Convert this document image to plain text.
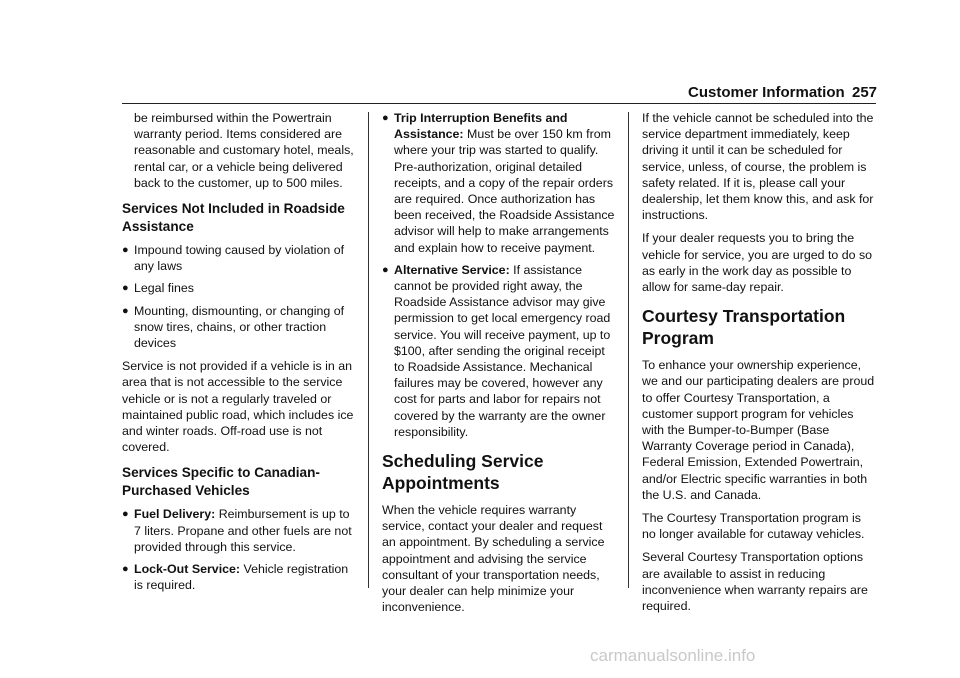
Customer Information 257

be reimbursed within the Powertrain warranty period. Items considered are reasonable and customary hotel, meals, rental car, or a vehicle being delivered back to the customer, up to 500 miles.

Services Not Included in Roadside Assistance
● Impound towing caused by violation of any laws
● Legal fines
● Mounting, dismounting, or changing of snow tires, chains, or other traction devices

Service is not provided if a vehicle is in an area that is not accessible to the service vehicle or is not a regularly traveled or maintained public road, which includes ice and winter roads. Off-road use is not covered.

Services Specific to Canadian-Purchased Vehicles
● Fuel Delivery: Reimbursement is up to 7 liters. Propane and other fuels are not provided through this service.
● Lock-Out Service: Vehicle registration is required.
● Trip Interruption Benefits and Assistance: Must be over 150 km from where your trip was started to qualify. Pre-authorization, original detailed receipts, and a copy of the repair orders are required. Once authorization has been received, the Roadside Assistance advisor will help to make arrangements and explain how to receive payment.
● Alternative Service: If assistance cannot be provided right away, the Roadside Assistance advisor may give permission to get local emergency road service. You will receive payment, up to $100, after sending the original receipt to Roadside Assistance. Mechanical failures may be covered, however any cost for parts and labor for repairs not covered by the warranty are the owner responsibility.
Scheduling Service Appointments

When the vehicle requires warranty service, contact your dealer and request an appointment. By scheduling a service appointment and advising the service consultant of your transportation needs, your dealer can help minimize your inconvenience.

If the vehicle cannot be scheduled into the service department immediately, keep driving it until it can be scheduled for service, unless, of course, the problem is safety related. If it is, please call your dealership, let them know this, and ask for instructions.

If your dealer requests you to bring the vehicle for service, you are urged to do so as early in the work day as possible to allow for same-day repair.

Courtesy Transportation Program

To enhance your ownership experience, we and our participating dealers are proud to offer Courtesy Transportation, a customer support program for vehicles with the Bumper-to-Bumper (Base Warranty Coverage period in Canada), Federal Emission, Extended Powertrain, and/or Electric specific warranties in both the U.S. and Canada.

The Courtesy Transportation program is no longer available for cutaway vehicles.

Several Courtesy Transportation options are available to assist in reducing inconvenience when warranty repairs are required.

carmanualsonline.info
